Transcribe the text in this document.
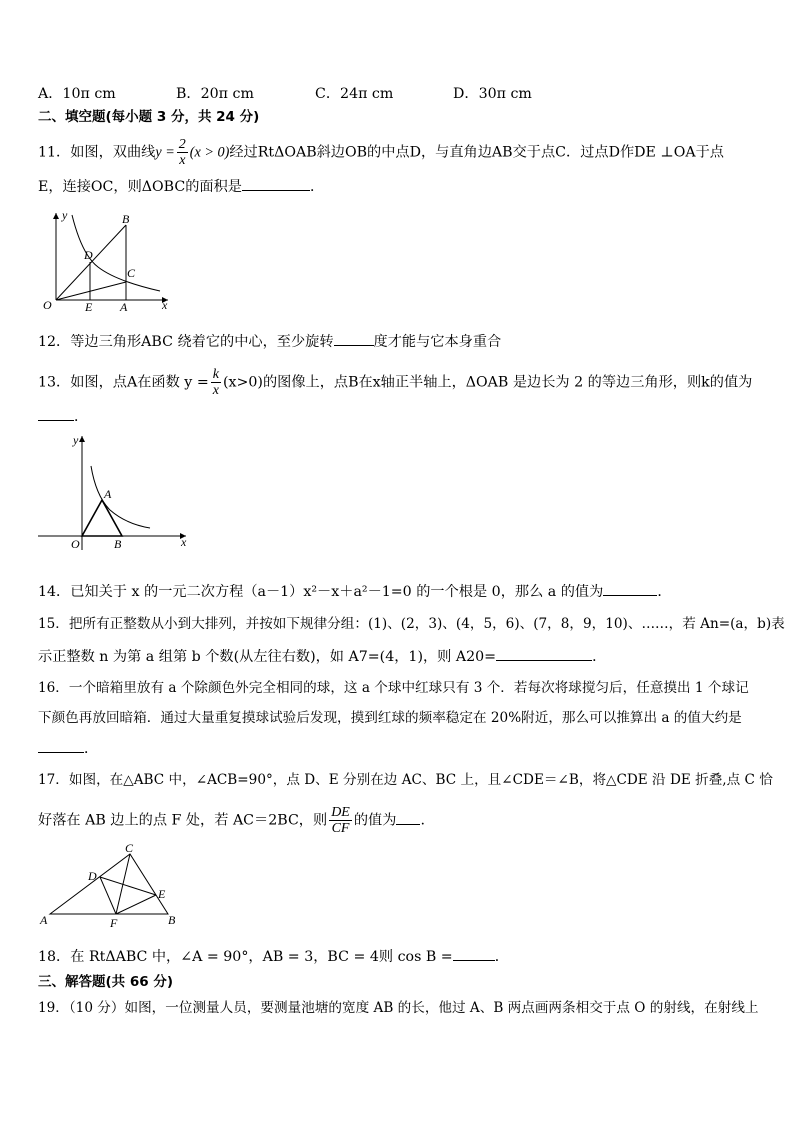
A．10π cm	B．20π cm	C．24π cm	D．30π cm
二、填空题(每小题 3 分，共 24 分)
11．如图，双曲线$y = \frac{2}{x} (x > 0)$经过RtΔOAB斜边OB的中点D，与直角边AB交于点C．过点D作DE ⊥OA于点
E，连接OC，则ΔOBC的面积是	．
y
x
O
B
D
C
E A
12．等边三角形ABC 绕着它的中心，至少旋转	度才能与它本身重合
13．如图，点A在函数 $y = \frac{k}{x} (x>0)$的图像上，点B在x轴正半轴上，ΔOAB 是边长为 2 的等边三角形，则k的值为
．
y
x
O
A
B
14．已知关于 x 的一元二次方程（a－1）x²－x＋a²－1=0 的一个根是 0，那么 a 的值为	．
15．把所有正整数从小到大排列，并按如下规律分组：(1)、(2，3)、(4，5，6)、(7，8，9，10)、……，若 An=(a，b)表
示正整数 n 为第 a 组第 b 个数(从左往右数)，如 A7=(4，1)，则 A20=	．
16．一个暗箱里放有 a 个除颜色外完全相同的球，这 a 个球中红球只有 3 个．若每次将球搅匀后，任意摸出 1 个球记
下颜色再放回暗箱．通过大量重复摸球试验后发现，摸到红球的频率稳定在 20%附近，那么可以推算出 a 的值大约是
．
17．如图，在△ABC 中，∠ACB=90°，点 D、E 分别在边 AC、BC 上，且∠CDE＝∠B，将△CDE 沿 DE 折叠,点 C 恰
好落在 AB 边上的点 F 处，若 AC＝2BC，则 $\frac{DE}{CF}$ 的值为 .
A	B
C
D
E
F
18．在 RtΔABC 中，∠A = 90°，AB = 3，BC = 4则 cos B =	．
三、解答题(共 66 分)
19．（10 分）如图，一位测量人员，要测量池塘的宽度 AB 的长，他过 A、B 两点画两条相交于点 O 的射线，在射线上
